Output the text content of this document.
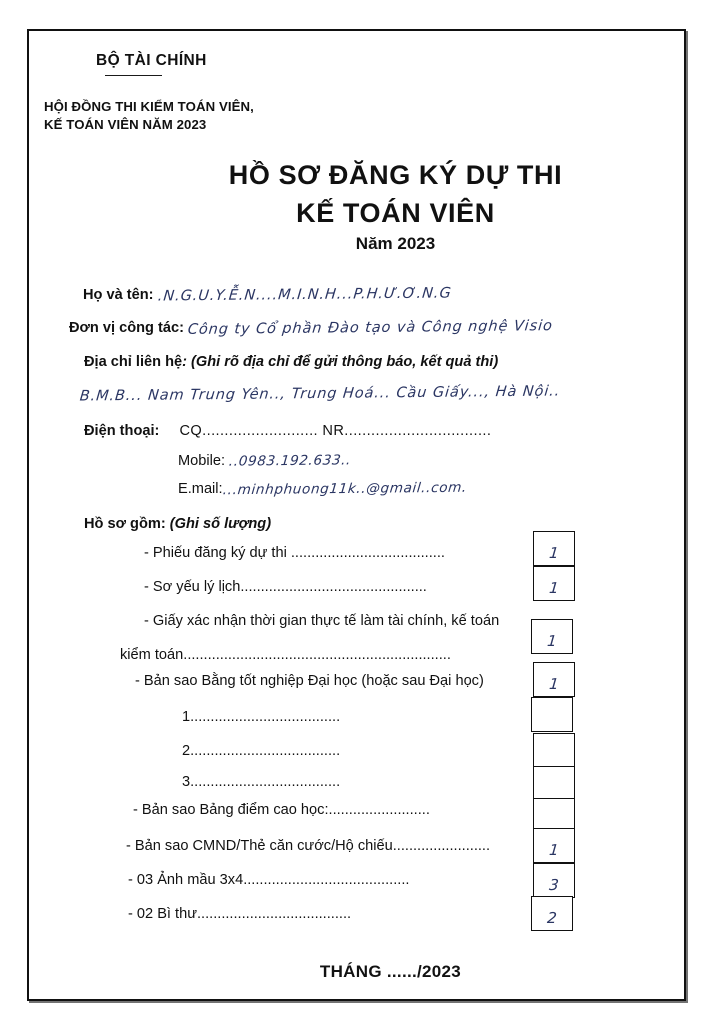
BỘ TÀI CHÍNH
HỘI ĐỒNG THI KIỂM TOÁN VIÊN,
KẾ TOÁN VIÊN NĂM 2023
HỒ SƠ ĐĂNG KÝ DỰ THI
KẾ TOÁN VIÊN
Năm 2023
Họ và tên: .N.G.U.Y.Ễ.N....M.I.N.H...P.H.Ư.Ơ.N.G
Đơn vị công tác: Công ty Cổ phần Đào tạo và Công nghệ Visio
Địa chỉ liên hệ: (Ghi rõ địa chỉ để gửi thông báo, kết quả thi)
B.M.B... Nam Trung Yên.., Trung Hoá... Cầu Giấy..., Hà Nội..
Điện thoại: CQ.......................... NR.................................
Mobile: ..0983.192.633..
E.mail:...minhphuong11k..@gmail..com.
Hồ sơ gồm: (Ghi số lượng)
- Phiếu đăng ký dự thi ......................................
- Sơ yếu lý lịch..............................................
- Giấy xác nhận thời gian thực tế làm tài chính, kế toán
kiểm toán..................................................................
- Bản sao Bằng tốt nghiệp Đại học (hoặc sau Đại học)
1.....................................
2.....................................
3.....................................
- Bản sao Bảng điểm cao học:.........................
- Bản sao CMND/Thẻ căn cước/Hộ chiếu........................
- 03 Ảnh mầu 3x4.........................................
- 02 Bì thư......................................
1
1
1
1
1
3
2
THÁNG ....../2023
